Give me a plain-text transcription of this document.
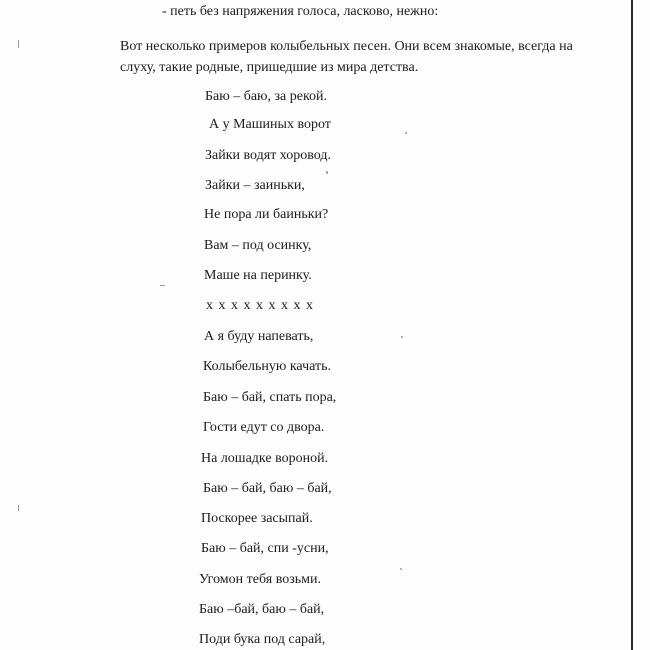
- петь без напряжения голоса, ласково, нежно:

Вот несколько примеров колыбельных песен. Они всем знакомые, всегда на

слуху, такие родные, пришедшие из мира детства.

Баю – баю, за рекой.
А у Машиных ворот
Зайки водят хоровод.
Зайки – заиньки,
Не пора ли баиньки?
Вам – под осинку,
Маше на перинку.
х х х х х х х х х
А я буду напевать,
Колыбельную качать.
Баю – бай, спать пора,
Гости едут со двора.
На лошадке вороной.
Баю – бай, баю – бай,
Поскорее засыпай.
Баю – бай, спи -усни,
Угомон тебя возьми.
Баю –бай, баю – бай,
Поди бука под сарай,
